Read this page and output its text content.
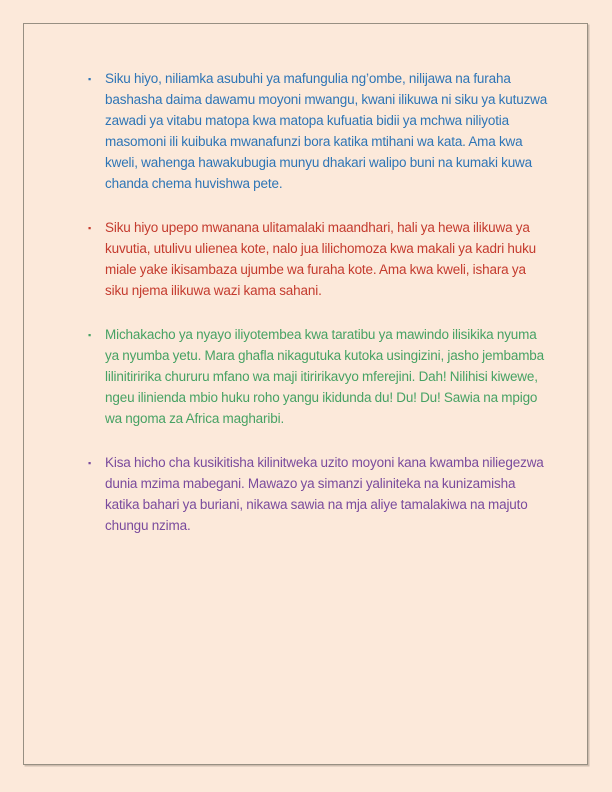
▪	Siku hiyo, niliamka asubuhi ya mafungulia ng’ombe, nilijawa na furaha bashasha daima dawamu moyoni mwangu, kwani ilikuwa ni siku ya kutuzwa zawadi ya vitabu matopa kwa matopa kufuatia bidii ya mchwa niliyotia masomoni ili kuibuka mwanafunzi bora katika mtihani wa kata. Ama kwa kweli, wahenga hawakubugia munyu dhakari walipo buni na kumaki kuwa chanda chema huvishwa pete.
▪	Siku hiyo upepo mwanana ulitamalaki maandhari, hali ya hewa ilikuwa ya kuvutia, utulivu ulienea kote, nalo jua lilichomoza kwa makali ya kadri huku miale yake ikisambaza ujumbe wa furaha kote. Ama kwa kweli, ishara ya siku njema ilikuwa wazi kama sahani.
▪	Michakacho ya nyayo iliyotembea kwa taratibu ya mawindo ilisikika nyuma ya nyumba yetu. Mara ghafla nikagutuka kutoka usingizini, jasho jembamba lilinitiririka chururu mfano wa maji itiririkavyo mferejini. Dah! Nilihisi kiwewe, ngeu ilinienda mbio huku roho yangu ikidunda du! Du! Du! Sawia na mpigo wa ngoma za Africa magharibi.
▪	Kisa hicho cha kusikitisha kilinitweka uzito moyoni kana kwamba niliegezwa dunia mzima mabegani. Mawazo ya simanzi yaliniteka na kunizamisha katika bahari ya buriani, nikawa sawia na mja aliye tamalakiwa na majuto chungu nzima.
